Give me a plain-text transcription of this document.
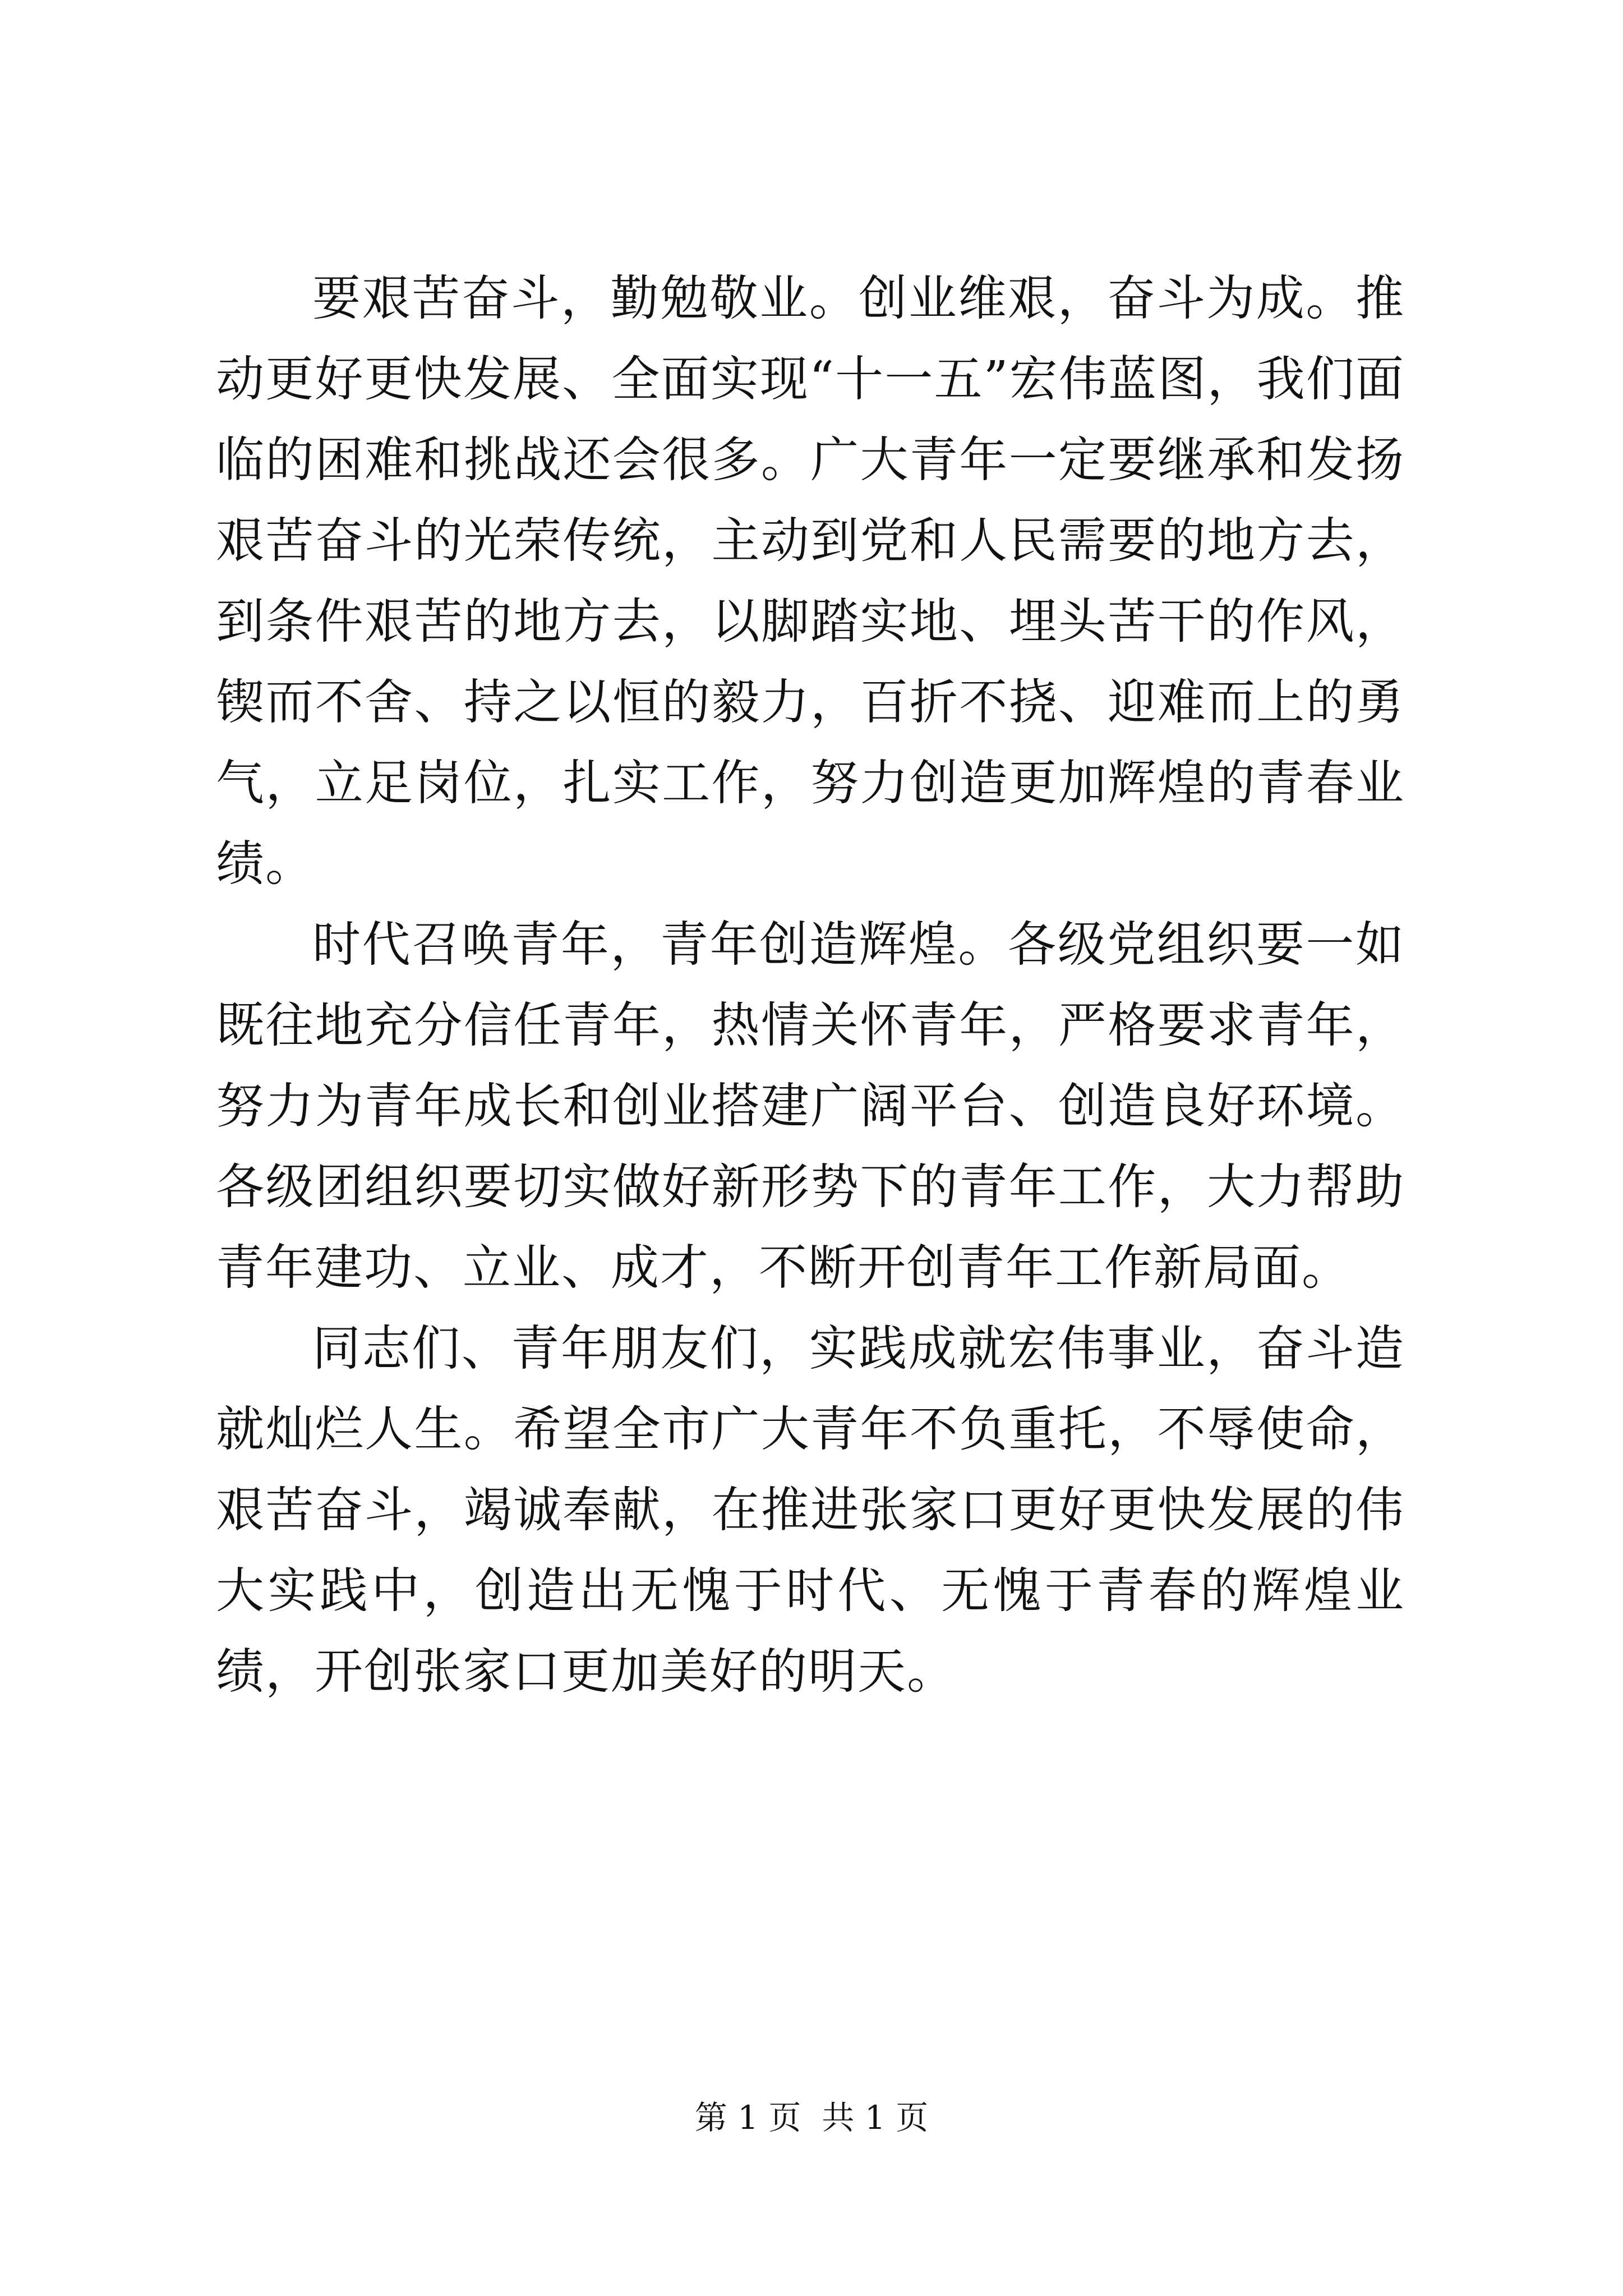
要艰苦奋斗，勤勉敬业。创业维艰，奋斗为成。推动更好更快发展、全面实现“十一五”宏伟蓝图，我们面临的困难和挑战还会很多。广大青年一定要继承和发扬艰苦奋斗的光荣传统，主动到党和人民需要的地方去，到条件艰苦的地方去，以脚踏实地、埋头苦干的作风，锲而不舍、持之以恒的毅力，百折不挠、迎难而上的勇气，立足岗位，扎实工作，努力创造更加辉煌的青春业绩。

时代召唤青年，青年创造辉煌。各级党组织要一如既往地充分信任青年，热情关怀青年，严格要求青年，努力为青年成长和创业搭建广阔平台、创造良好环境。各级团组织要切实做好新形势下的青年工作，大力帮助青年建功、立业、成才，不断开创青年工作新局面。

同志们、青年朋友们，实践成就宏伟事业，奋斗造就灿烂人生。希望全市广大青年不负重托，不辱使命，艰苦奋斗，竭诚奉献，在推进张家口更好更快发展的伟大实践中，创造出无愧于时代、无愧于青春的辉煌业绩，开创张家口更加美好的明天。

第 1 页  共 1 页
